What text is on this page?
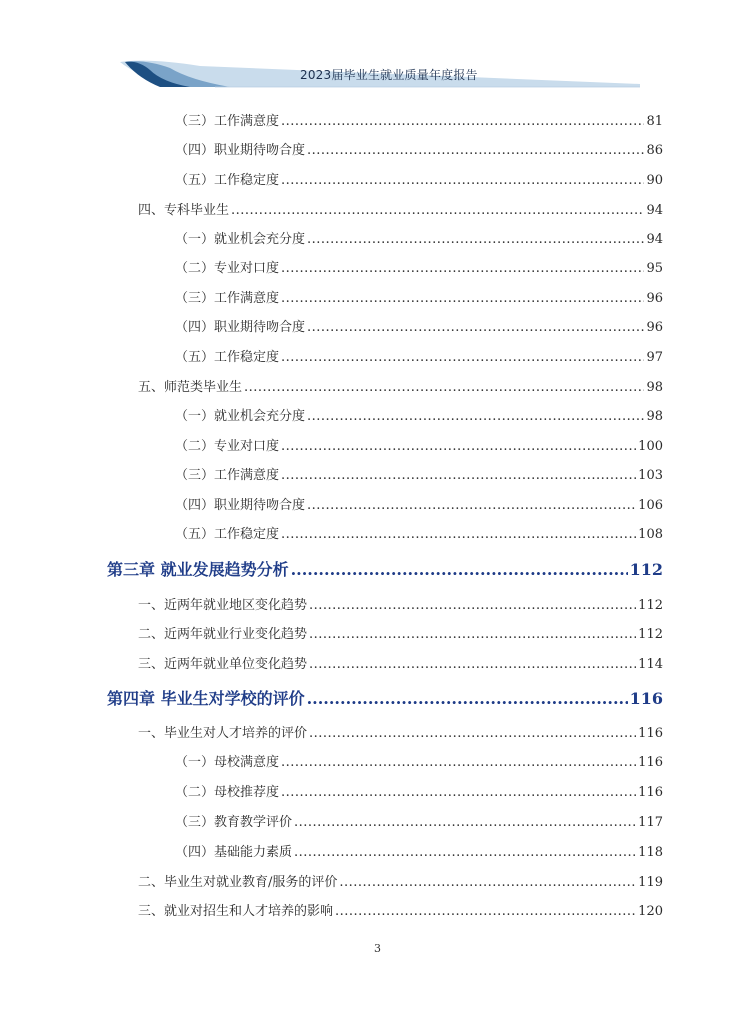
2023届毕业生就业质量年度报告
（三）工作满意度 .....	81
（四）职业期待吻合度 .....	86
（五）工作稳定度 .....	90
四、专科毕业生 .....	94
（一）就业机会充分度 .....	94
（二）专业对口度 .....	95
（三）工作满意度 .....	96
（四）职业期待吻合度 .....	96
（五）工作稳定度 .....	97
五、师范类毕业生 .....	98
（一）就业机会充分度 .....	98
（二）专业对口度 .....	100
（三）工作满意度 .....	103
（四）职业期待吻合度 .....	106
（五）工作稳定度 .....	108
第三章 就业发展趋势分析 .....	112
一、近两年就业地区变化趋势 .....	112
二、近两年就业行业变化趋势 .....	112
三、近两年就业单位变化趋势 .....	114
第四章 毕业生对学校的评价 .....	116
一、毕业生对人才培养的评价 .....	116
（一）母校满意度 .....	116
（二）母校推荐度 .....	116
（三）教育教学评价 .....	117
（四）基础能力素质 .....	118
二、毕业生对就业教育/服务的评价 .....	119
三、就业对招生和人才培养的影响 .....	120
3
